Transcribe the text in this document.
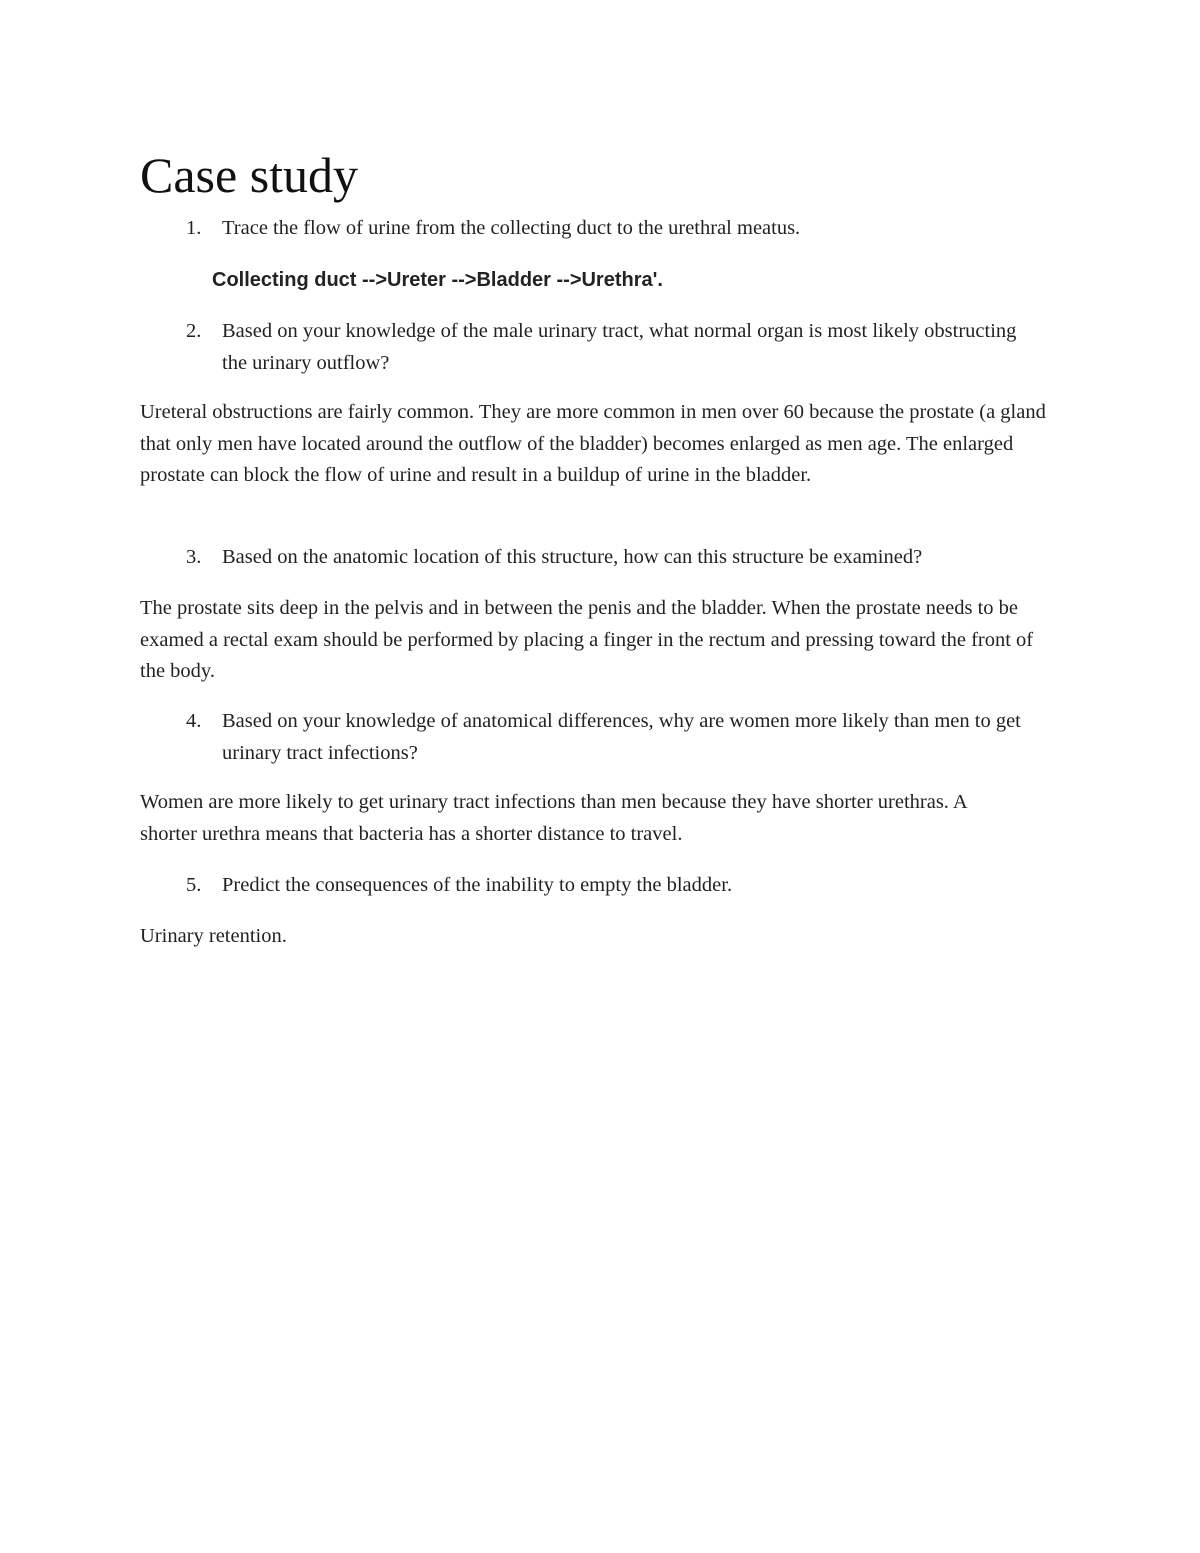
Case study
1. Trace the flow of urine from the collecting duct to the urethral meatus.
Collecting duct -->Ureter -->Bladder -->Urethra'.
2. Based on your knowledge of the male urinary tract, what normal organ is most likely obstructing the urinary outflow?
Ureteral obstructions are fairly common. They are more common in men over 60 because the prostate (a gland that only men have located around the outflow of the bladder) becomes enlarged as men age. The enlarged prostate can block the flow of urine and result in a buildup of urine in the bladder.
3. Based on the anatomic location of this structure, how can this structure be examined?
The prostate sits deep in the pelvis and in between the penis and the bladder. When the prostate needs to be examed a rectal exam should be performed by placing a finger in the rectum and pressing toward the front of the body.
4. Based on your knowledge of anatomical differences, why are women more likely than men to get urinary tract infections?
Women are more likely to get urinary tract infections than men because they have shorter urethras. A shorter urethra means that bacteria has a shorter distance to travel.
5. Predict the consequences of the inability to empty the bladder.
Urinary retention.
